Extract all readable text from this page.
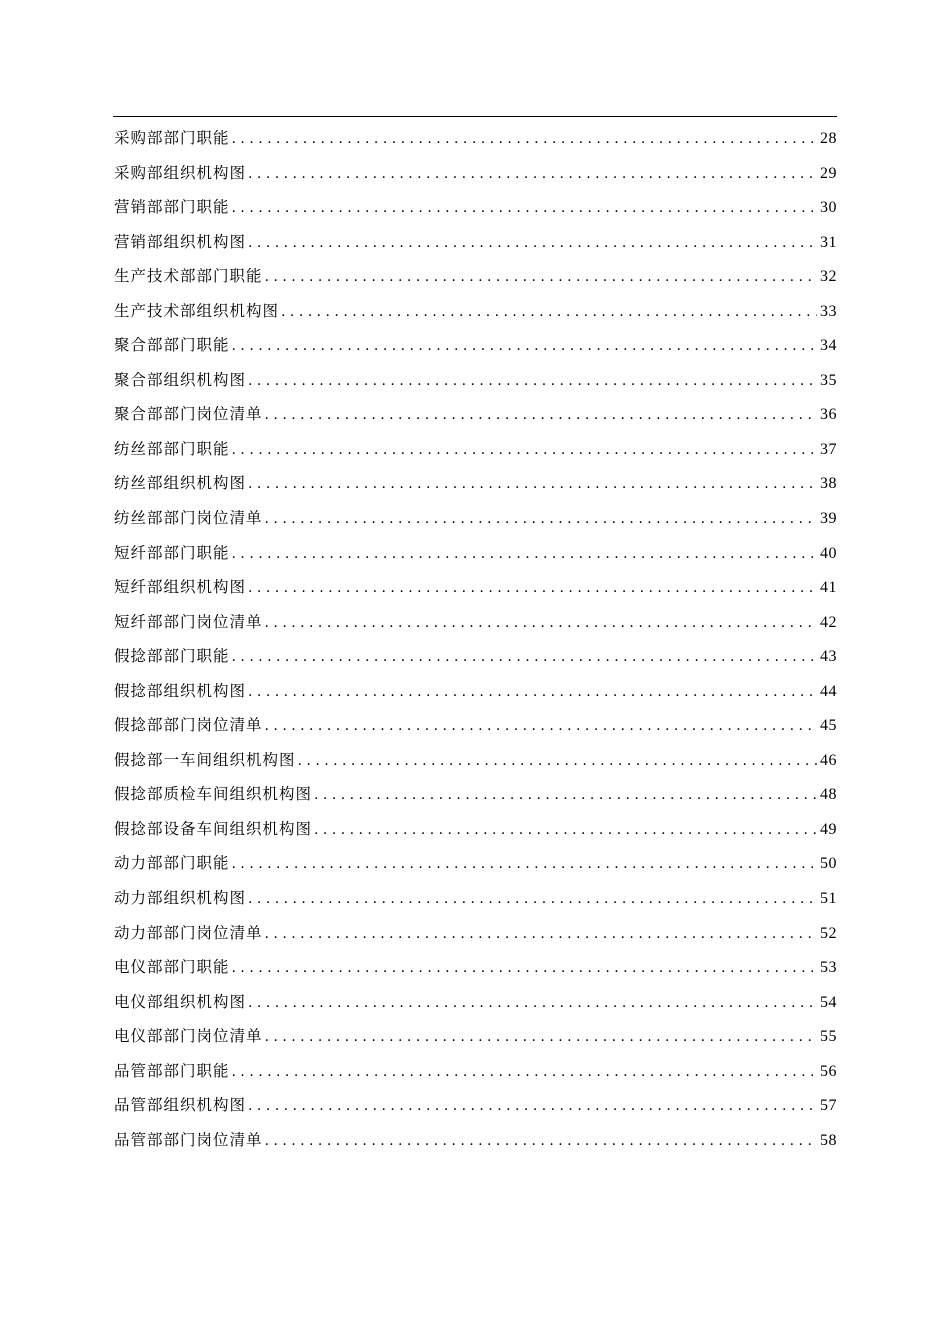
采购部部门职能 . . .	28
采购部组织机构图 . . .	29
营销部部门职能 . . .	30
营销部组织机构图 . . .	31
生产技术部部门职能 . . .	32
生产技术部组织机构图 . . .	33
聚合部部门职能 . . .	34
聚合部组织机构图 . . .	35
聚合部部门岗位清单 . . .	36
纺丝部部门职能 . . .	37
纺丝部组织机构图 . . .	38
纺丝部部门岗位清单 . . .	39
短纤部部门职能 . . .	40
短纤部组织机构图 . . .	41
短纤部部门岗位清单 . . .	42
假捻部部门职能 . . .	43
假捻部组织机构图 . . .	44
假捻部部门岗位清单 . . .	45
假捻部一车间组织机构图 . . .	46
假捻部质检车间组织机构图 . . .	48
假捻部设备车间组织机构图 . . .	49
动力部部门职能 . . .	50
动力部组织机构图 . . .	51
动力部部门岗位清单 . . .	52
电仪部部门职能 . . .	53
电仪部组织机构图 . . .	54
电仪部部门岗位清单 . . .	55
品管部部门职能 . . .	56
品管部组织机构图 . . .	57
品管部部门岗位清单 . . .	58
